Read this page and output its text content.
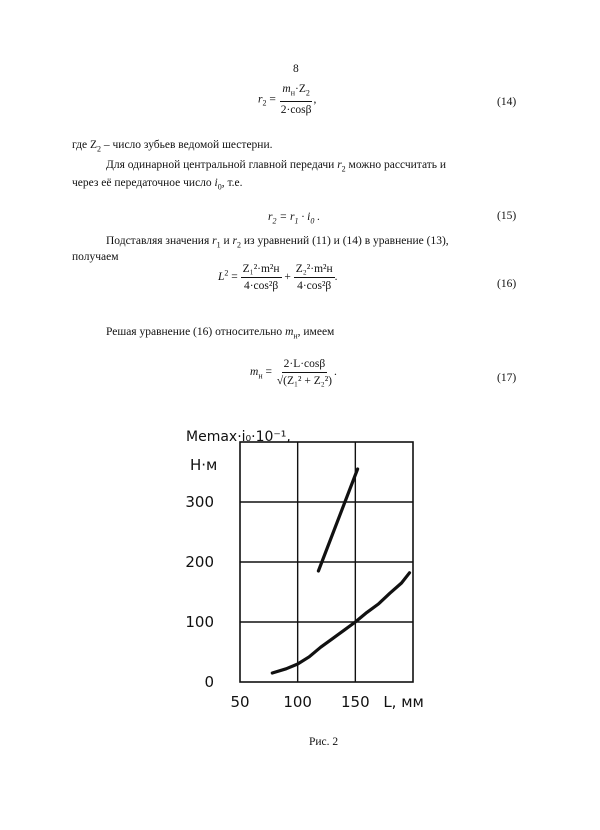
8
$r_2 = \frac{m_н\cdot Z_2}{2\cdot\cos\beta}$ ,	(14)
где $Z_2$ – число зубьев ведомой шестерни.
Для одинарной центральной главной передачи $r_2$ можно рассчитать и
через её передаточное число $i_0$, т.е.
$r_2 = r_1 \cdot i_0$ .	(15)
Подставляя значения $r_1$ и $r_2$ из уравнений (11) и (14) в уравнение (13),
получаем
$L^2 = \frac{\text{Z₁²·m²н}}{\text{4·cos²β}} + \frac{\text{Z₂²·m²н}}{\text{4·cos²β}}$ .
(16)
Решая уравнение (16) относительно $m_н$, имеем
$m_н = \frac{2\cdot L\cdot\cos\beta}{\text{√(Z₁² + Z₂²)}}$ .	(17)
50 100 150 L, мм
0
100
200
300
Memax·i₀·10⁻¹,
Н·м
Рис. 2
